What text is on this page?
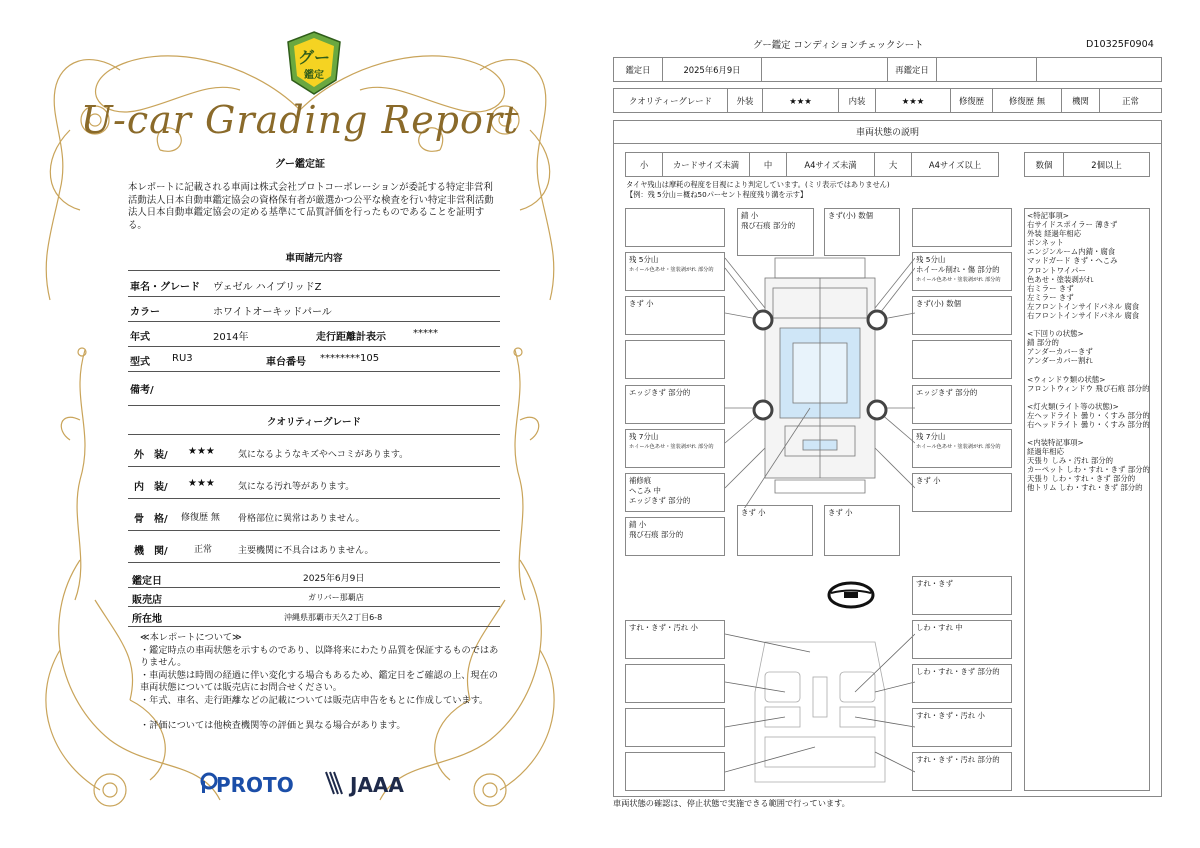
グー
鑑定
U-car Grading Report
グー鑑定証
本レポートに記載される車両は株式会社プロトコーポレーションが委託する特定非営利活動法人日本自動車鑑定協会の資格保有者が厳選かつ公平な検査を行い特定非営利活動法人日本自動車鑑定協会の定める基準にて品質評価を行ったものであることを証明する。
車両諸元内容
車名・グレード ヴェゼル ハイブリッドZ
カラー	ホワイトオーキッドパール
年式	2014年	走行距離計表示	*****
型式 RU3	車台番号 ********105
備考/
クオリティーグレード
外　装/ ★★★	気になるようなキズやヘコミがあります。
内　装/ ★★★	気になる汚れ等があります。
骨　格/ 修復歴 無 骨格部位に異常はありません。
機　関/	正常	主要機関に不具合はありません。
鑑定日	2025年6月9日
販売店	ガリバー那覇店
所在地	沖縄県那覇市天久2丁目6-8
≪本レポートについて≫
・鑑定時点の車両状態を示すものであり、以降将来にわたり品質を保証するものではありません。
・車両状態は時間の経過に伴い変化する場合もあるため、鑑定日をご確認の上、現在の車両状態については販売店にお問合せください。
・年式、車名、走行距離などの記載については販売店申告をもとに作成しています。
・評価については他検査機関等の評価と異なる場合があります。
PROTO	JAAA
グー鑑定 コンディションチェックシート	D10325F0904
鑑定日	2025年6月9日	再鑑定日
クオリティーグレード	外装	★★★	内装	★★★	修復歴	修復歴 無	機関	正常
車両状態の説明
小	カードサイズ未満	中	A4サイズ未満	大	A4サイズ以上	数個	2個以上
タイヤ残山は摩耗の程度を目視により判定しています。(ミリ表示ではありません)
【例：残 5分山＝概ね50パーセント程度残り溝を示す】
錆 小
飛び石痕 部分的
きず(小) 数個
残 5分山
ホイール色あせ・塗装剥がれ 部分的
残 5分山
ホイール削れ・傷 部分的
ホイール色あせ・塗装剥がれ 部分的
きず 小	きず(小) 数個
エッジきず 部分的	エッジきず 部分的
残 7分山
ホイール色あせ・塗装剥がれ 部分的
残 7分山
ホイール色あせ・塗装剥がれ 部分的
補修痕
へこみ 中
エッジきず 部分的
きず 小
錆 小
飛び石痕 部分的
きず 小	きず 小
すれ・きず
すれ・きず・汚れ 小	しわ・すれ 中
しわ・すれ・きず 部分的
すれ・きず・汚れ 小
すれ・きず・汚れ 部分的
<特記事項>
右サイドスポイラー 薄きず
外装 経過年相応
ボンネット
エンジンルーム内錆・腐食
マッドガード きず・へこみ
フロントワイパー
色あせ・塗装剥がれ
右ミラー きず
左ミラー きず
左フロントインサイドパネル 腐食
右フロントインサイドパネル 腐食
<下回りの状態>
錆 部分的
アンダーカバーきず
アンダーカバー割れ
<ウィンドウ類の状態>
フロントウィンドウ 飛び石痕 部分的
<灯火類(ライト等の状態)>
左ヘッドライト 曇り・くすみ 部分的
右ヘッドライト 曇り・くすみ 部分的
<内装特記事項>
経過年相応
天張り しみ・汚れ 部分的
カーペット しわ・すれ・きず 部分的
天張り しわ・すれ・きず 部分的
他トリム しわ・すれ・きず 部分的
車両状態の確認は、停止状態で実施できる範囲で行っています。
